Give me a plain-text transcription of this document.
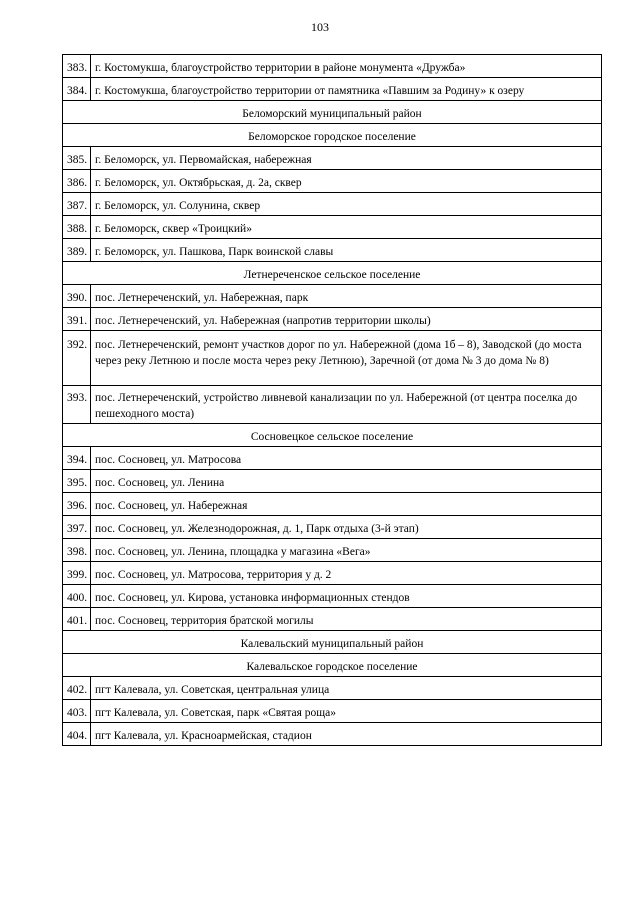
103
383.	г. Костомукша, благоустройство территории в районе монумента «Дружба»
384.	г. Костомукша, благоустройство территории от памятника «Павшим за Родину» к озеру
Беломорский муниципальный район	
Беломорское городское поселение	
385.	г. Беломорск, ул. Первомайская, набережная
386.	г. Беломорск, ул. Октябрьская, д. 2а, сквер
387.	г. Беломорск, ул. Солунина, сквер
388.	г. Беломорск, сквер «Троицкий»
389.	г. Беломорск, ул. Пашкова, Парк воинской славы
Летнереченское сельское поселение	
390.	пос. Летнереченский, ул. Набережная, парк
391.	пос. Летнереченский, ул. Набережная (напротив территории школы)
392.	пос. Летнереченский, ремонт участков дорог по ул. Набережной (дома 1б – 8), Заводской (до моста через реку Летнюю и после моста через реку Летнюю), Заречной (от дома № 3 до дома № 8)
393.	пос. Летнереченский, устройство ливневой канализации по ул. Набережной (от центра поселка до пешеходного моста)
Сосновецкое сельское поселение	
394.	пос. Сосновец, ул. Матросова
395.	пос. Сосновец, ул. Ленина
396.	пос. Сосновец, ул. Набережная
397.	пос. Сосновец, ул. Железнодорожная, д. 1, Парк отдыха (3-й этап)
398.	пос. Сосновец, ул. Ленина, площадка у магазина «Вега»
399.	пос. Сосновец, ул. Матросова, территория у д. 2
400.	пос. Сосновец, ул. Кирова, установка информационных стендов
401.	пос. Сосновец, территория братской могилы
Калевальский муниципальный район	
Калевальское городское поселение	
402.	пгт Калевала, ул. Советская, центральная улица
403.	пгт Калевала, ул. Советская, парк «Святая роща»
404.	пгт Калевала, ул. Красноармейская, стадион
